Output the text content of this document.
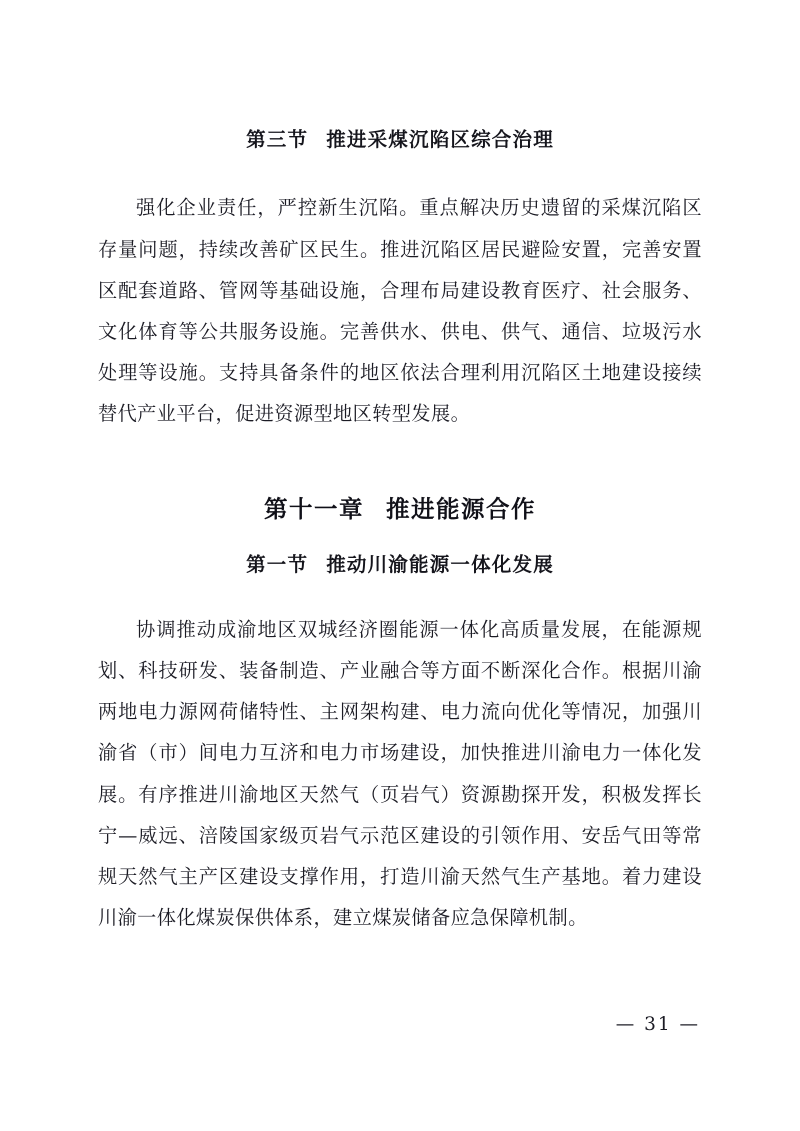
第三节 推进采煤沉陷区综合治理

强化企业责任，严控新生沉陷。重点解决历史遗留的采煤沉陷区存量问题，持续改善矿区民生。推进沉陷区居民避险安置，完善安置区配套道路、管网等基础设施，合理布局建设教育医疗、社会服务、文化体育等公共服务设施。完善供水、供电、供气、通信、垃圾污水处理等设施。支持具备条件的地区依法合理利用沉陷区土地建设接续替代产业平台，促进资源型地区转型发展。

第十一章 推进能源合作
第一节 推动川渝能源一体化发展

协调推动成渝地区双城经济圈能源一体化高质量发展，在能源规划、科技研发、装备制造、产业融合等方面不断深化合作。根据川渝两地电力源网荷储特性、主网架构建、电力流向优化等情况，加强川渝省（市）间电力互济和电力市场建设，加快推进川渝电力一体化发展。有序推进川渝地区天然气（页岩气）资源勘探开发，积极发挥长宁—威远、涪陵国家级页岩气示范区建设的引领作用、安岳气田等常规天然气主产区建设支撑作用，打造川渝天然气生产基地。着力建设川渝一体化煤炭保供体系，建立煤炭储备应急保障机制。

— 31 —
